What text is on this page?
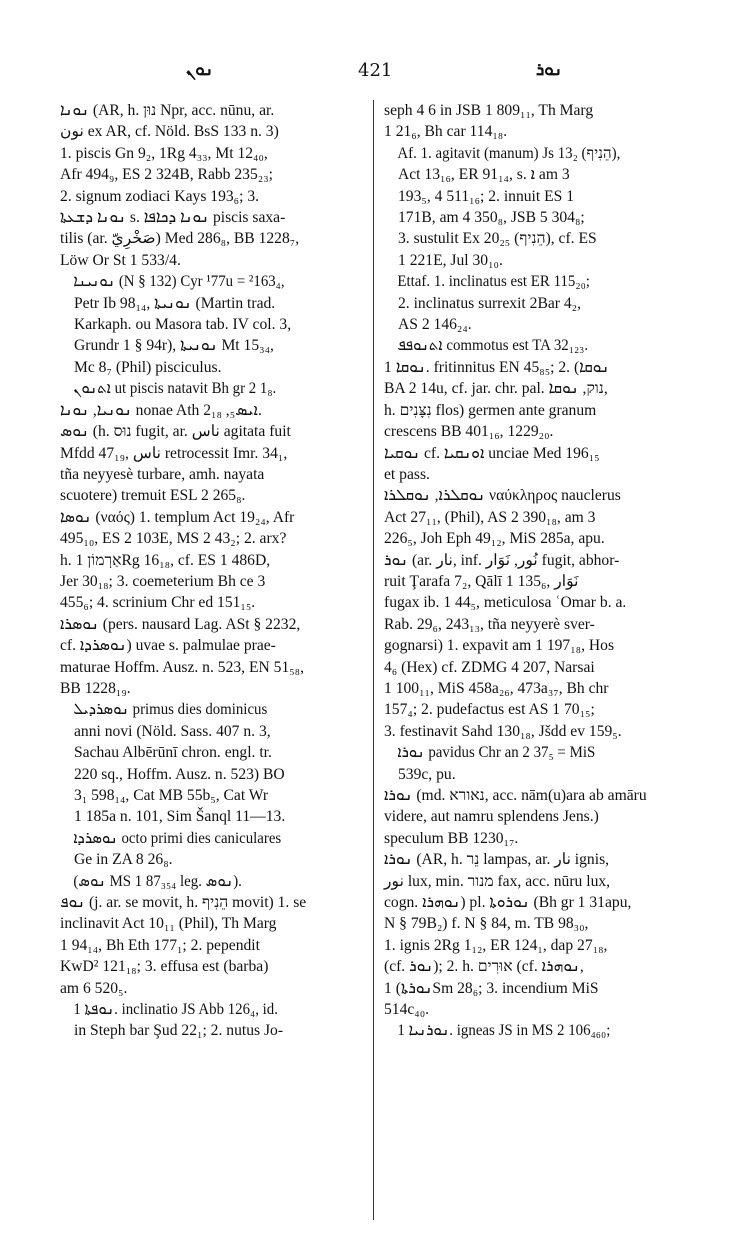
ܢܘܢ	421	ܢܘܪ
ܢܘܢܐ (AR, h. נוּן Npr, acc. nūnu, ar.
نون ex AR, cf. Nöld. BsS 133 n. 3)
1. piscis Gn 9₂, 1Rg 4₃₃, Mt 12₄₀,
Afr 494₉, ES 2 324B, Rabb 235₂₃;
2. signum zodiaci Kays 193₆; 3.
ܢܘܢܐ ܕܫܥܬܐ s. ܢܘܢܐ ܕܟܐܦܐ piscis saxa-
tilis (ar. صَخْرِيّ) Med 286₈, BB 1228₇,
Löw Or St 1 533/4.
ܢܘܢܝܢܐ (N § 132) Cyr ¹77u = ²163₄,
Petr Ib 98₁₄, ܢܘܢܝܬܐ (Martin trad.
Karkaph. ou Masora tab. IV col. 3,
Grundr 1 § 94r), ܢܘܢܝܬܐ Mt 15₃₄,
Mc 8₇ (Phil) pisciculus.
ܐܬܢܘܢ ut piscis natavit Bh gr 2 1₈.
ܢܘܢܝܐ, ܢܘܢܐ nonae Ath ܐܝܣ₅, 2₁₈.
ܢܘܣ (h. נוּס fugit, ar. ناس agitata fuit
Mfdd 47₁₉, ناس retrocessit Imr. 34₁,
tña neyyesè turbare, amh. nayata
scuotere) tremuit ESL 2 265₈.
ܢܘܣܐ (ναός) 1. templum Act 19₂₄, Afr
495₁₀, ES 2 103E, MS 2 43₂; 2. arx?
h. אַרְמוֹן 1Rg 16₁₈, cf. ES 1 486D,
Jer 30₁₈; 3. coemeterium Bh ce 3
455₆; 4. scrinium Chr ed 151₁₅.
ܢܘܣܪܐ (pers. nausard Lag. ASt § 2232,
cf. ܢܘܣܪܕܐ) uvae s. palmulae prae-
maturae Hoffm. Ausz. n. 523, EN 51₅₈,
BB 1228₁₉.
ܢܘܣܪܕܝܠ primus dies dominicus
anni novi (Nöld. Sass. 407 n. 3,
Sachau Albērūnī chron. engl. tr.
220 sq., Hoffm. Ausz. n. 523) BO
3₁ 598₁₄, Cat MB 55b₅, Cat Wr
1 185a n. 101, Sim Šanql 11—13.
ܢܘܣܪܕܐ octo primi dies caniculares
Ge in ZA 8 26₈.
(ܢܘܣ MS 1 87₃₅₄ leg. ܢܘܣ).
ܢܘܦ (j. ar. se movit, h. הֵנִיף movit) 1. se
inclinavit Act 10₁₁ (Phil), Th Marg
1 94₁₄, Bh Eth 177₁; 2. pependit
KwD² 121₁₈; 3. effusa est (barba)
am 6 520₅.
ܢܘܦܬܐ 1. inclinatio JS Abb 126₄, id.
in Steph bar Şud 22₁; 2. nutus Jo-
seph 4 6 in JSB 1 809₁₁, Th Marg
1 21₆, Bh car 114₁₈.
Af. 1. agitavit (manum) Js 13₂ (הֵנִיף),
Act 13₁₆, ER 91₁₄, s. ܐ am 3
193₅, 4 511₁₆; 2. innuit ES 1
171B, am 4 350₈, JSB 5 304₈;
3. sustulit Ex 20₂₅ (הֵנִיף), cf. ES
1 221E, Jul 30₁₀.
Ettaf. 1. inclinatus est ER 115₂₀;
2. inclinatus surrexit 2Bar 4₂,
AS 2 146₂₄.
ܐܬܢܘܦܦ commotus est TA 32₁₂₃.
ܢܘܩܐ 1. fritinnitus EN 45₈₅; 2. (ܢܘܩܐ
BA 2 14u, cf. jar. chr. pal. נוק, ܢܘܩܐ,
h. נִצָּנִים flos) germen ante granum
crescens BB 401₁₆, 1229₂₀.
ܢܘܩܝܐ cf. ܐܘܢܩܝܐ unciae Med 196₁₅
et pass.
ܢܘܩܠܪܐ, ܢܘܩܠܪܐ ναύκληρος nauclerus
Act 27₁₁, (Phil), AS 2 390₁₈, am 3
226₅, Joh Eph 49₁₂, MiS 285a, apu.
ܢܘܪ (ar. نار, inf. نُور, نَوَار fugit, abhor-
ruit Ţarafa 7₂, Qālī 1 135₆, نَوَار
fugax ib. 1 44₅, meticulosa ʿOmar b. a.
Rab. 29₆, 243₁₃, tña neyyerè sver-
gognarsi) 1. expavit am 1 197₁₈, Hos
4₆ (Hex) cf. ZDMG 4 207, Narsai
1 100₁₁, MiS 458a₂₆, 473a₃₇, Bh chr
157₄; 2. pudefactus est AS 1 70₁₅;
3. festinavit Sahd 130₁₈, Jšdd ev 159₅.
ܢܘܪܐ pavidus Chr an 2 37₅ = MiS
539c, pu.
ܢܘܪܐ (md. נאורא, acc. nām(u)ara ab amāru
videre, aut namru splendens Jens.)
speculum BB 1230₁₇.
ܢܘܪܐ (AR, h. נֵר lampas, ar. نار ignis,
نور lux, min. מנור fax, acc. nūru lux,
cogn. ܢܘܗܪܐ) pl. ܢܘܪܘܬܐ (Bh gr 1 31apu,
N § 79B₂) f. N § 84, m. TB 98₃₀,
1. ignis 2Rg 1₁₂, ER 124₁, dap 27₁₈,
(cf. ܢܘܪ); 2. h. אוּרִים (cf. ܢܘܗܪܐ,
ܢܘܪܬܐ) 1Sm 28₆; 3. incendium MiS
514c₄₀.
ܢܘܪܢܝܐ 1. igneas JS in MS 2 106₄₆₀;
